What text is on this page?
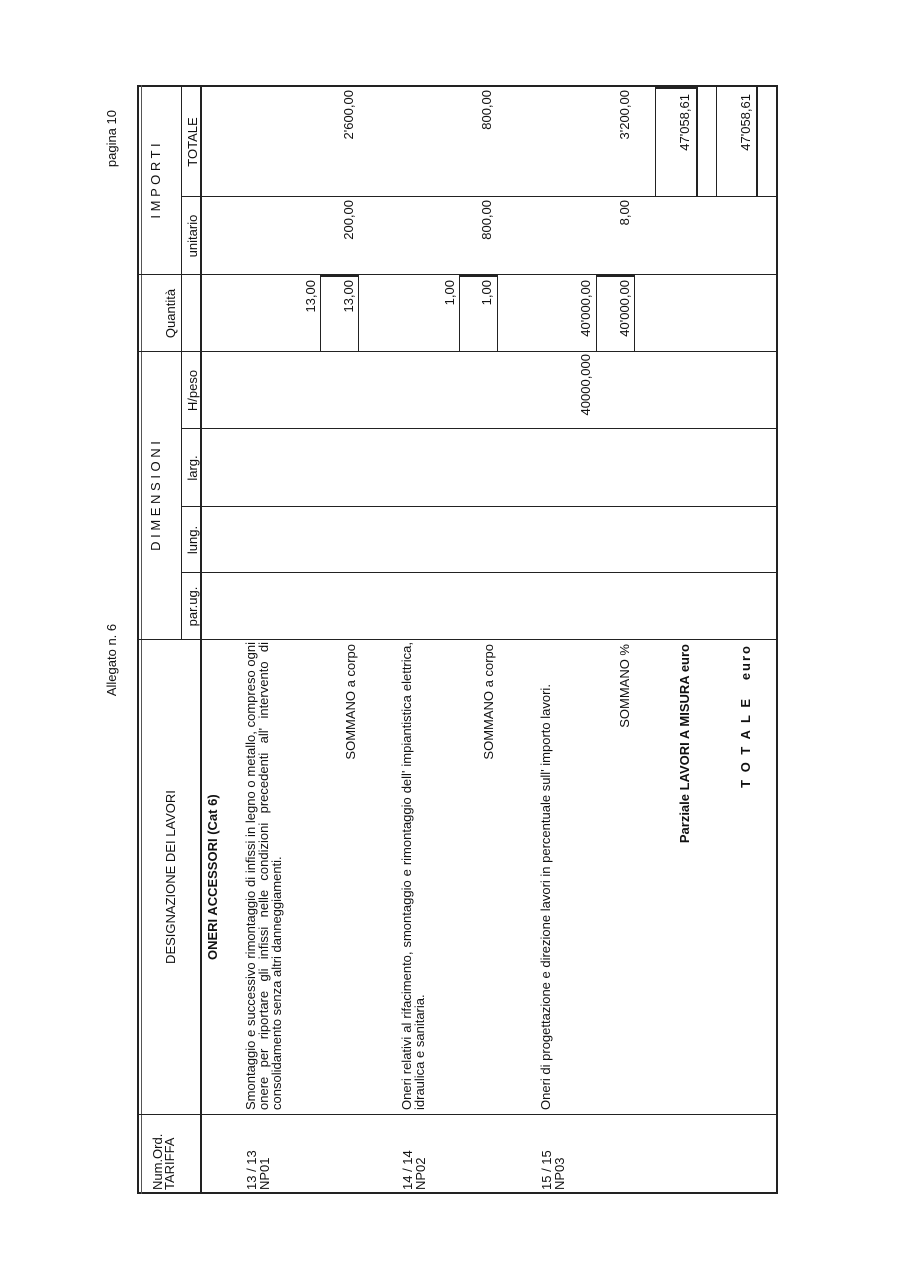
Allegato n. 6
pagina 10
Num.Ord.
TARIFFA
DESIGNAZIONE DEI LAVORI
D I M E N S I O N I
par.ug.
lung.
larg.
H/peso
Quantità
I M P O R T I
unitario
TOTALE
ONERI ACCESSORI (Cat 6)
13 / 13
NP01
Smontaggio e successivo rimontaggio di infissi in legno o metallo, compreso ogni onere per riportare gli infissi nelle condizioni precedenti all' intervento di consolidamento senza altri danneggiamenti.
13,00
SOMMANO a corpo
13,00
200,00
2'600,00
14 / 14
NP02
Oneri relativi al rifacimento, smontaggio e rimontaggio dell' impiantistica elettrica, idraulica e sanitaria.
1,00
SOMMANO a corpo
1,00
800,00
800,00
15 / 15
NP03
Oneri di progettazione e direzione lavori in percentuale sull' importo lavori.
40000,000
40'000,00
SOMMANO %
40'000,00
8,00
3'200,00
Parziale LAVORI A MISURA euro
47'058,61
T O T A L E   euro
47'058,61
